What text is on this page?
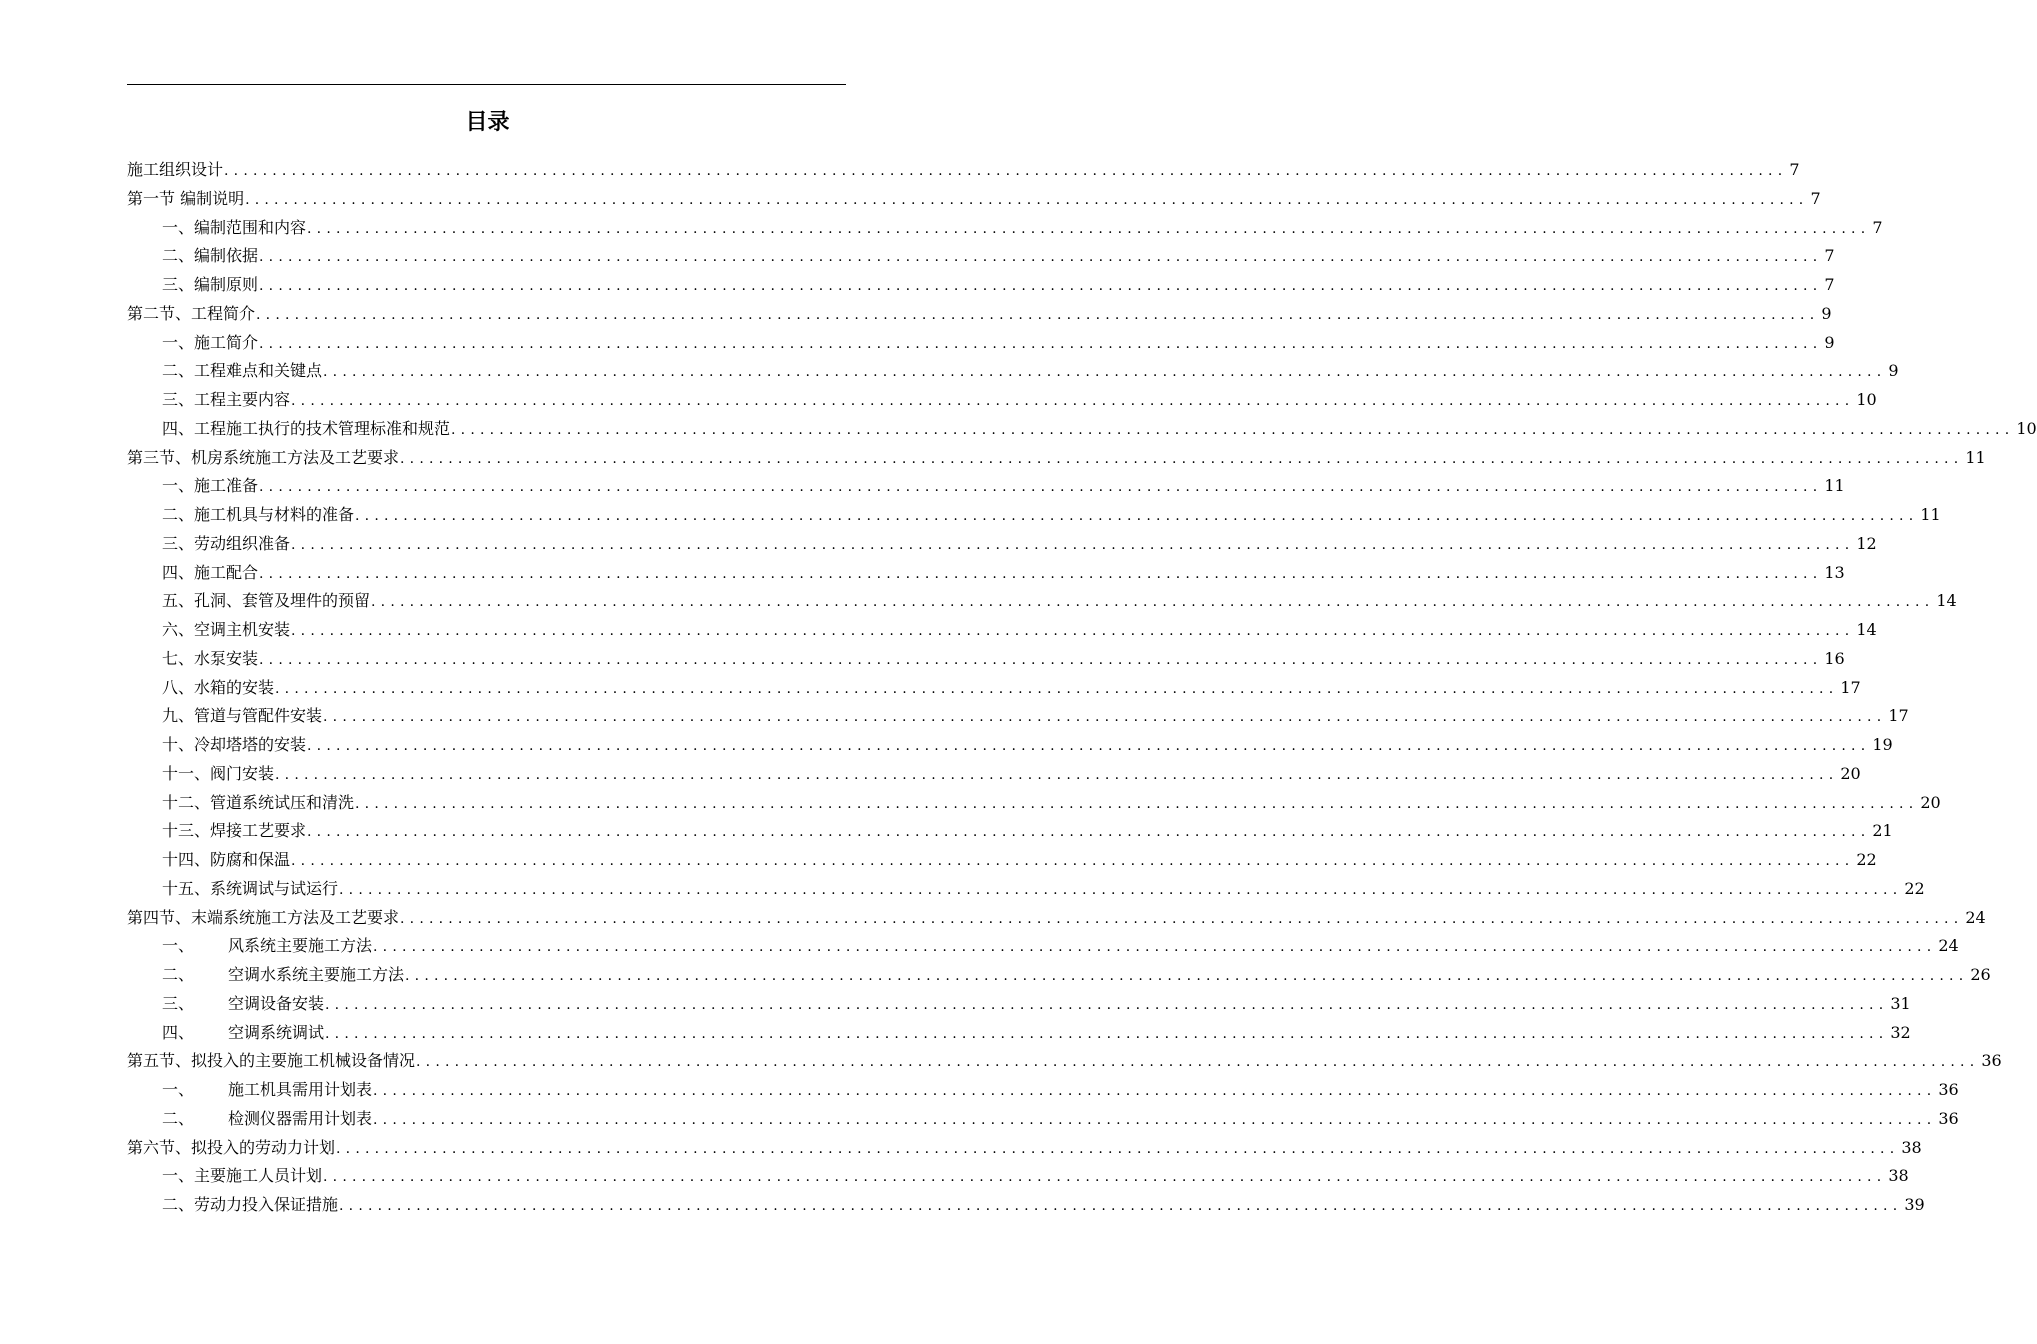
目录
施工组织设计 .................................................................................................................................................................. 7
第一节 编制说明 .................................................................................................................................................................. 7
一、编制范围和内容 .................................................................................................................................................................. 7
二、编制依据 .................................................................................................................................................................. 7
三、编制原则 .................................................................................................................................................................. 7
第二节、工程简介 .................................................................................................................................................................. 9
一、施工简介 .................................................................................................................................................................. 9
二、工程难点和关键点 .................................................................................................................................................................. 9
三、工程主要内容 .................................................................................................................................................................. 10
四、工程施工执行的技术管理标准和规范 .................................................................................................................................................................. 10
第三节、机房系统施工方法及工艺要求 .................................................................................................................................................................. 11
一、施工准备 .................................................................................................................................................................. 11
二、施工机具与材料的准备 .................................................................................................................................................................. 11
三、劳动组织准备 .................................................................................................................................................................. 12
四、施工配合 .................................................................................................................................................................. 13
五、孔洞、套管及埋件的预留 .................................................................................................................................................................. 14
六、空调主机安装 .................................................................................................................................................................. 14
七、水泵安装 .................................................................................................................................................................. 16
八、水箱的安装 .................................................................................................................................................................. 17
九、管道与管配件安装 .................................................................................................................................................................. 17
十、冷却塔塔的安装 .................................................................................................................................................................. 19
十一、阀门安装 .................................................................................................................................................................. 20
十二、管道系统试压和清洗 .................................................................................................................................................................. 20
十三、焊接工艺要求 .................................................................................................................................................................. 21
十四、防腐和保温 .................................................................................................................................................................. 22
十五、系统调试与试运行 .................................................................................................................................................................. 22
第四节、末端系统施工方法及工艺要求 .................................................................................................................................................................. 24
一、 风系统主要施工方法 .................................................................................................................................................................. 24
二、 空调水系统主要施工方法 .................................................................................................................................................................. 26
三、 空调设备安装 .................................................................................................................................................................. 31
四、 空调系统调试 .................................................................................................................................................................. 32
第五节、拟投入的主要施工机械设备情况 .................................................................................................................................................................. 36
一、 施工机具需用计划表 .................................................................................................................................................................. 36
二、 检测仪器需用计划表 .................................................................................................................................................................. 36
第六节、拟投入的劳动力计划 .................................................................................................................................................................. 38
一、主要施工人员计划 .................................................................................................................................................................. 38
二、劳动力投入保证措施 .................................................................................................................................................................. 39
